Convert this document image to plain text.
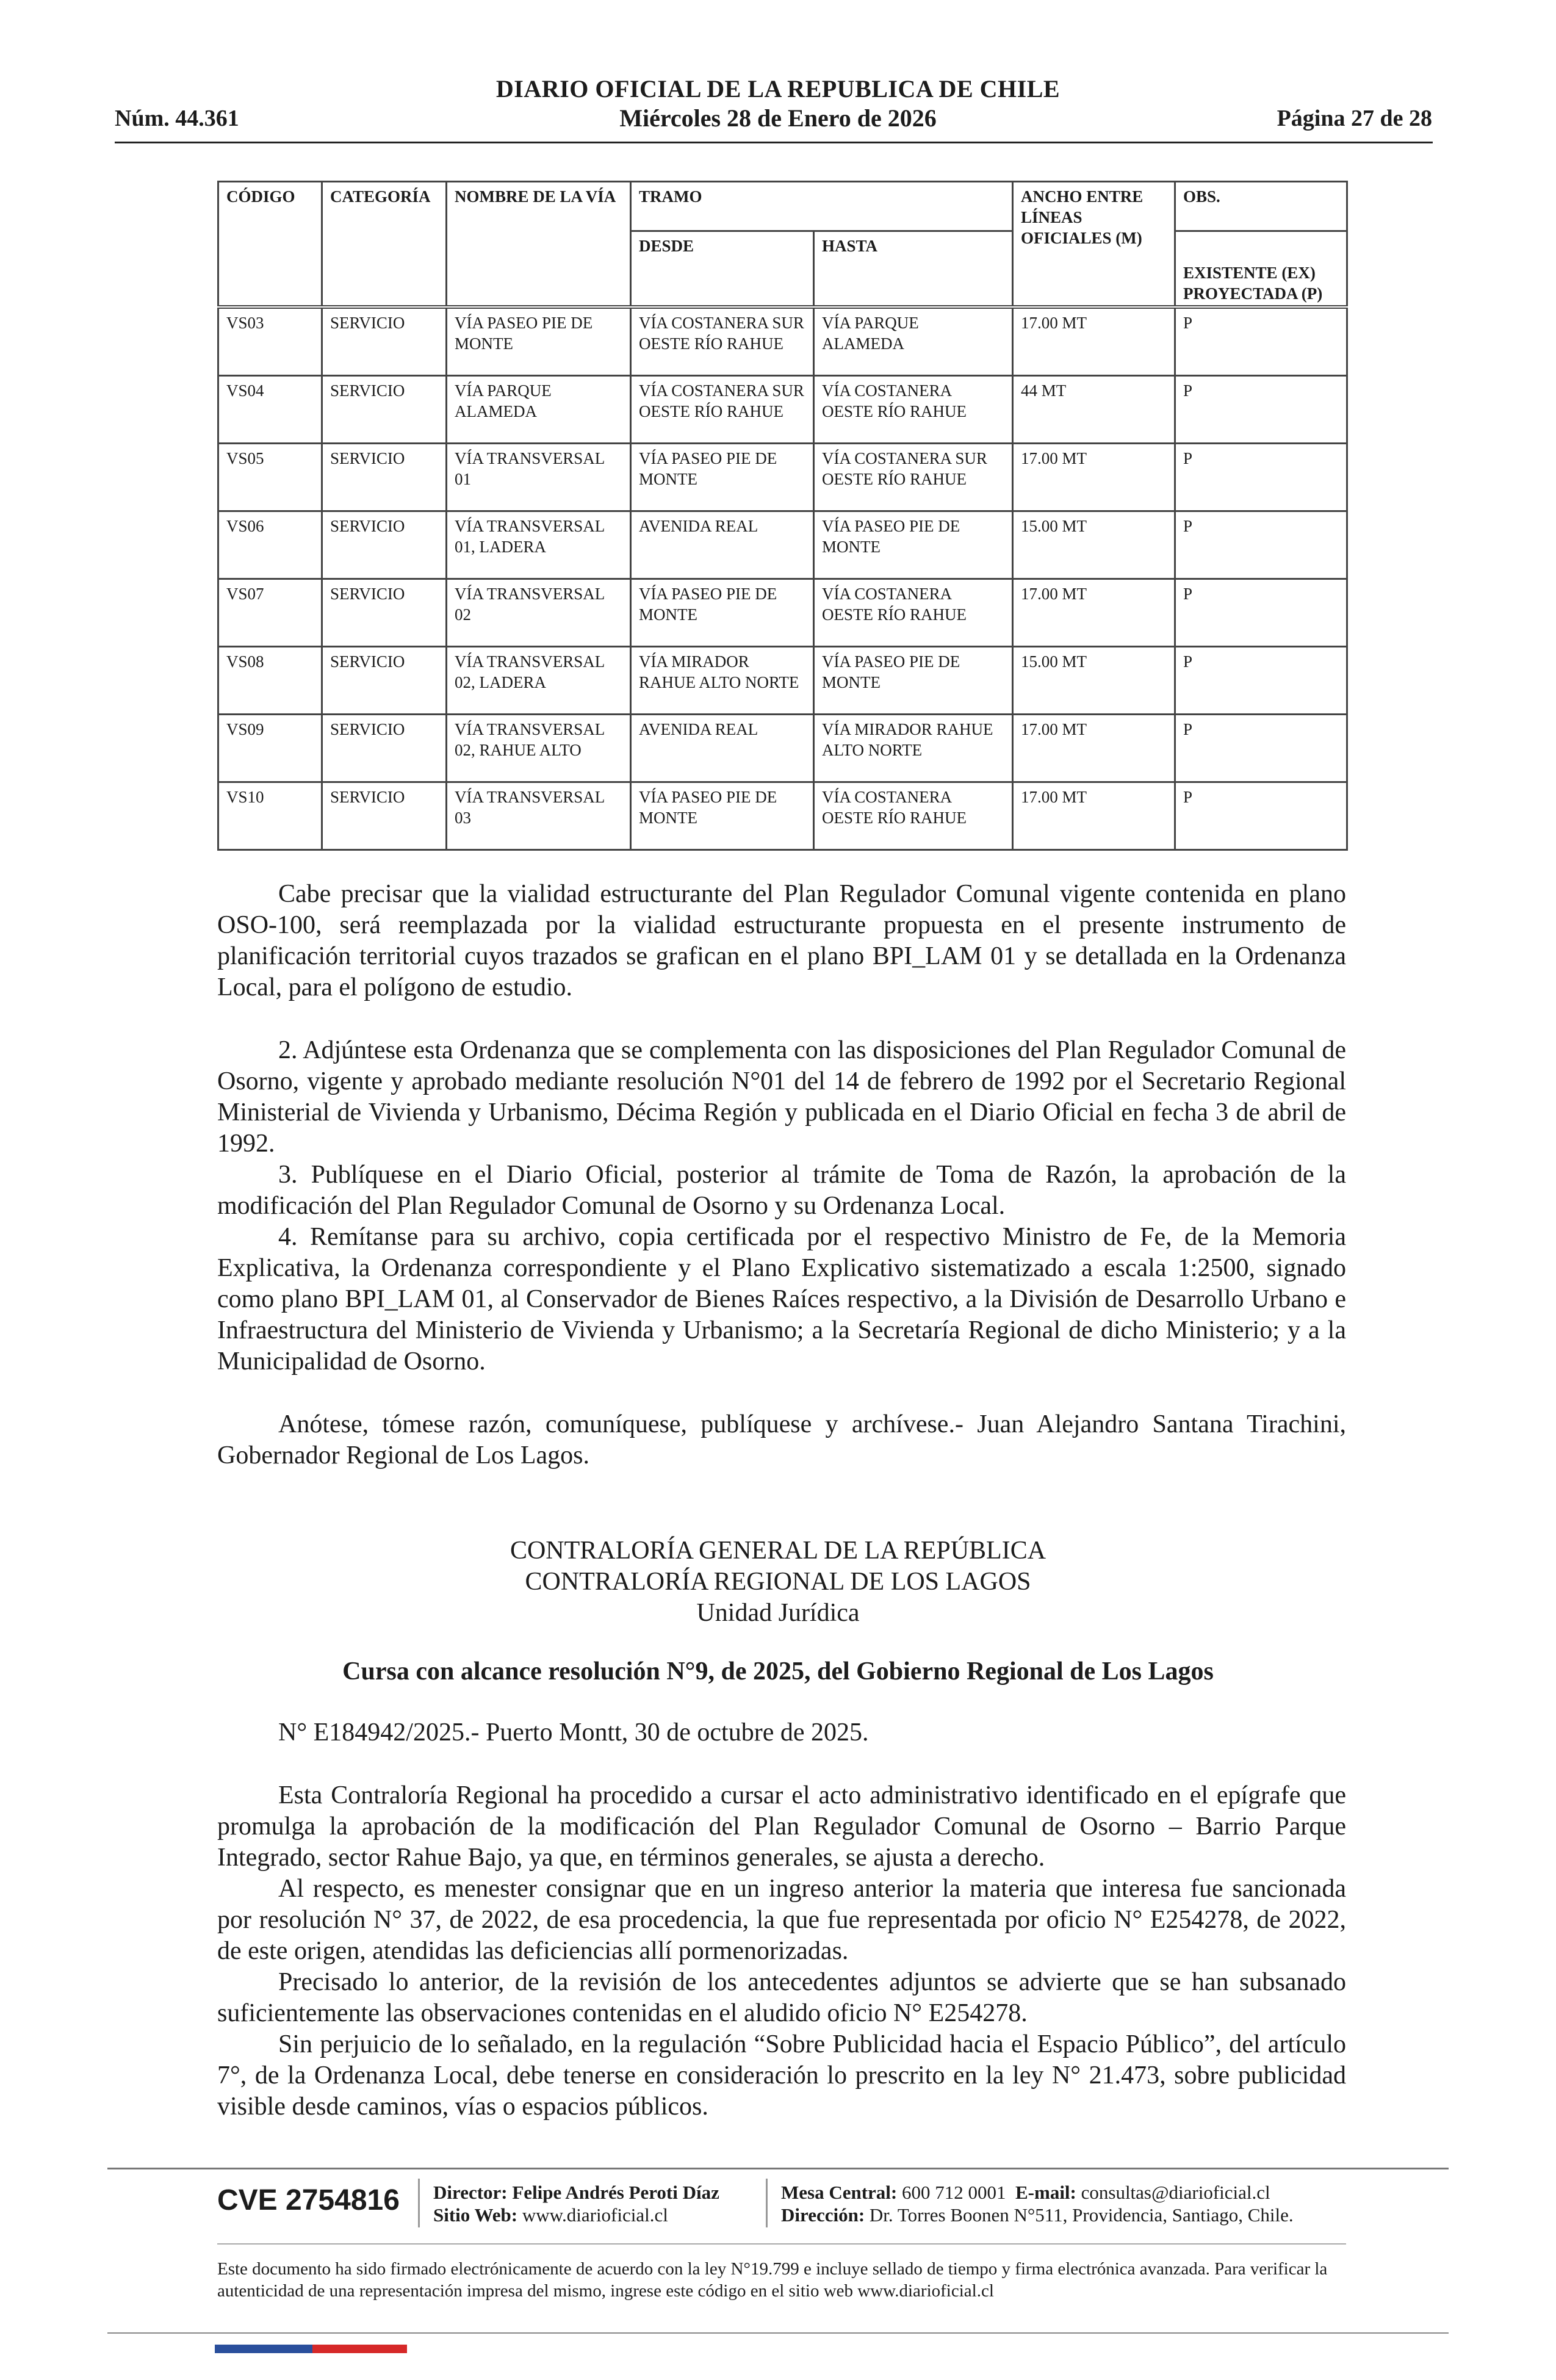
DIARIO OFICIAL DE LA REPUBLICA DE CHILE
Núm. 44.361	Miércoles 28 de Enero de 2026	Página 27 de 28
CÓDIGO	CATEGORÍA	NOMBRE DE LA VÍA	TRAMO		ANCHO ENTRE LÍNEAS OFICIALES (M)	OBS.
			DESDE	HASTA		EXISTENTE (EX) PROYECTADA (P)
VS03	SERVICIO	VÍA PASEO PIE DE MONTE	VÍA COSTANERA SUR OESTE RÍO RAHUE	VÍA PARQUE ALAMEDA	17.00 MT	P
VS04	SERVICIO	VÍA PARQUE ALAMEDA	VÍA COSTANERA SUR OESTE RÍO RAHUE	VÍA COSTANERA OESTE RÍO RAHUE	44 MT	P
VS05	SERVICIO	VÍA TRANSVERSAL 01	VÍA PASEO PIE DE MONTE	VÍA COSTANERA SUR OESTE RÍO RAHUE	17.00 MT	P
VS06	SERVICIO	VÍA TRANSVERSAL 01, LADERA	AVENIDA REAL	VÍA PASEO PIE DE MONTE	15.00 MT	P
VS07	SERVICIO	VÍA TRANSVERSAL 02	VÍA PASEO PIE DE MONTE	VÍA COSTANERA OESTE RÍO RAHUE	17.00 MT	P
VS08	SERVICIO	VÍA TRANSVERSAL 02, LADERA	VÍA MIRADOR RAHUE ALTO NORTE	VÍA PASEO PIE DE MONTE	15.00 MT	P
VS09	SERVICIO	VÍA TRANSVERSAL 02, RAHUE ALTO	AVENIDA REAL	VÍA MIRADOR RAHUE ALTO NORTE	17.00 MT	P
VS10	SERVICIO	VÍA TRANSVERSAL 03	VÍA PASEO PIE DE MONTE	VÍA COSTANERA OESTE RÍO RAHUE	17.00 MT	P

Cabe precisar que la vialidad estructurante del Plan Regulador Comunal vigente contenida en plano OSO-100, será reemplazada por la vialidad estructurante propuesta en el presente instrumento de planificación territorial cuyos trazados se grafican en el plano BPI_LAM 01 y se detallada en la Ordenanza Local, para el polígono de estudio.

2. Adjúntese esta Ordenanza que se complementa con las disposiciones del Plan Regulador Comunal de Osorno, vigente y aprobado mediante resolución N°01 del 14 de febrero de 1992 por el Secretario Regional Ministerial de Vivienda y Urbanismo, Décima Región y publicada en el Diario Oficial en fecha 3 de abril de 1992.

3. Publíquese en el Diario Oficial, posterior al trámite de Toma de Razón, la aprobación de la modificación del Plan Regulador Comunal de Osorno y su Ordenanza Local.

4. Remítanse para su archivo, copia certificada por el respectivo Ministro de Fe, de la Memoria Explicativa, la Ordenanza correspondiente y el Plano Explicativo sistematizado a escala 1:2500, signado como plano BPI_LAM 01, al Conservador de Bienes Raíces respectivo, a la División de Desarrollo Urbano e Infraestructura del Ministerio de Vivienda y Urbanismo; a la Secretaría Regional de dicho Ministerio; y a la Municipalidad de Osorno.

Anótese, tómese razón, comuníquese, publíquese y archívese.- Juan Alejandro Santana Tirachini, Gobernador Regional de Los Lagos.

CONTRALORÍA GENERAL DE LA REPÚBLICA
CONTRALORÍA REGIONAL DE LOS LAGOS
Unidad Jurídica
Cursa con alcance resolución N°9, de 2025, del Gobierno Regional de Los Lagos

N° E184942/2025.- Puerto Montt, 30 de octubre de 2025.

Esta Contraloría Regional ha procedido a cursar el acto administrativo identificado en el epígrafe que promulga la aprobación de la modificación del Plan Regulador Comunal de Osorno – Barrio Parque Integrado, sector Rahue Bajo, ya que, en términos generales, se ajusta a derecho.

Al respecto, es menester consignar que en un ingreso anterior la materia que interesa fue sancionada por resolución N° 37, de 2022, de esa procedencia, la que fue representada por oficio N° E254278, de 2022, de este origen, atendidas las deficiencias allí pormenorizadas.

Precisado lo anterior, de la revisión de los antecedentes adjuntos se advierte que se han subsanado suficientemente las observaciones contenidas en el aludido oficio N° E254278.

Sin perjuicio de lo señalado, en la regulación “Sobre Publicidad hacia el Espacio Público”, del artículo 7°, de la Ordenanza Local, debe tenerse en consideración lo prescrito en la ley N° 21.473, sobre publicidad visible desde caminos, vías o espacios públicos.

CVE 2754816 Director: Felipe Andrés Peroti Díaz
Sitio Web: www.diarioficial.cl
Mesa Central: 600 712 0001 E-mail: consultas@diarioficial.cl
Dirección: Dr. Torres Boonen N°511, Providencia, Santiago, Chile.
Este documento ha sido firmado electrónicamente de acuerdo con la ley N°19.799 e incluye sellado de tiempo y firma electrónica avanzada. Para verificar la autenticidad de una representación impresa del mismo, ingrese este código en el sitio web www.diarioficial.cl
